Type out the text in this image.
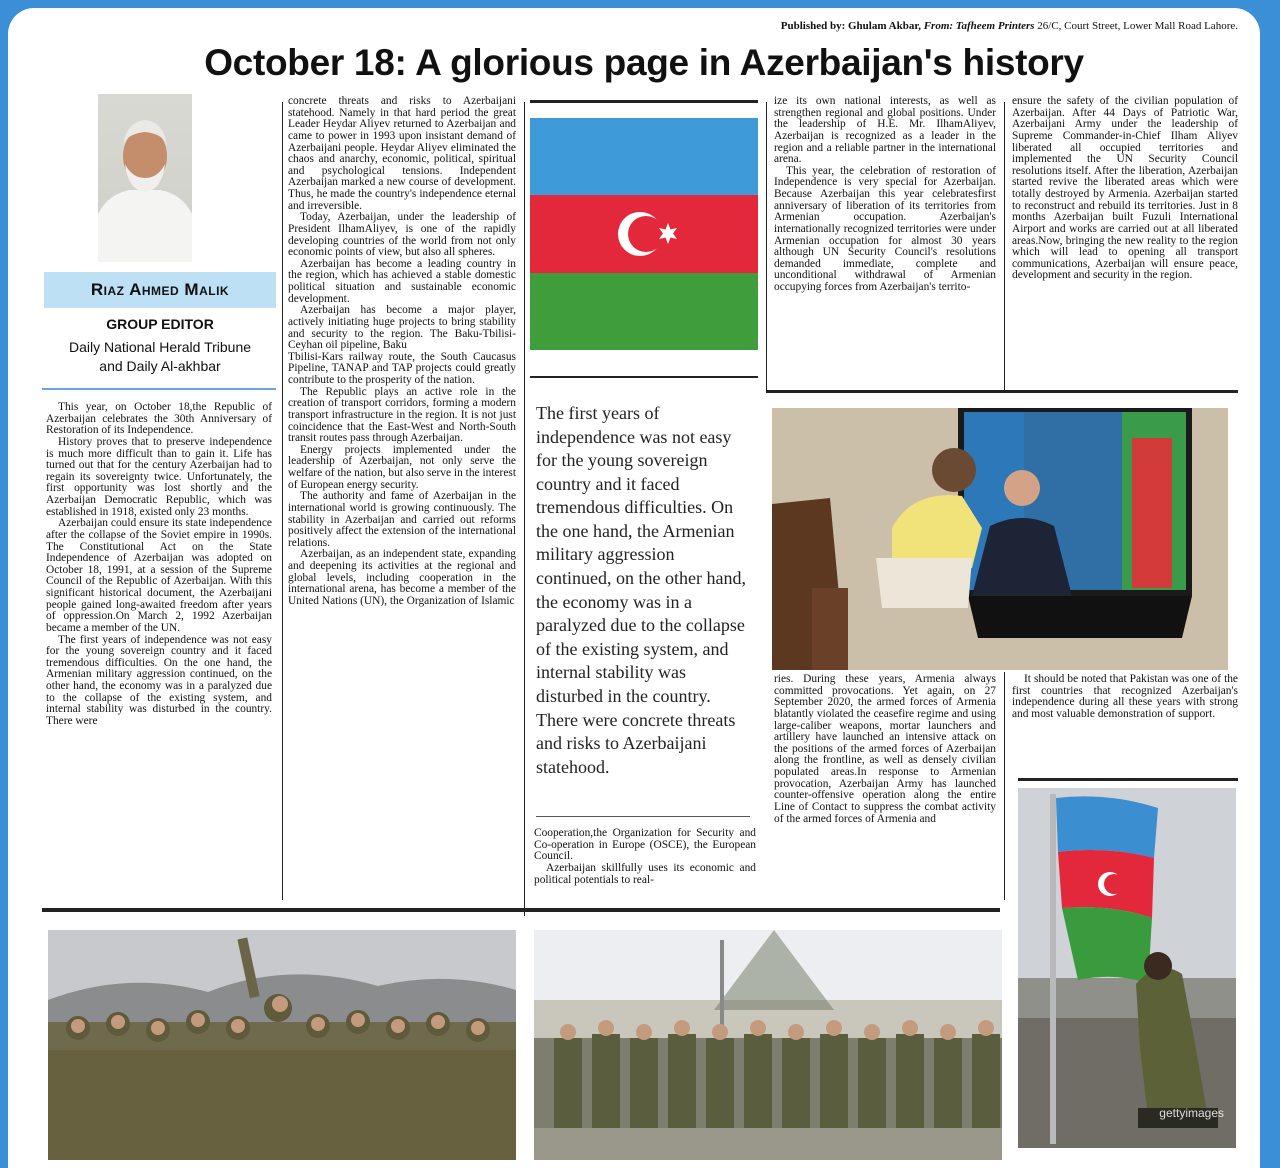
Published by: Ghulam Akbar, From: Tafheem Printers 26/C, Court Street, Lower Mall Road Lahore.
October 18: A glorious page in Azerbaijan's history
Riaz Ahmed Malik
GROUP EDITOR
Daily National Herald Tribune
and Daily Al-akhbar

This year, on October 18,the Republic of Azerbaijan celebrates the 30th Anniversary of Restoration of its Independence.

History proves that to preserve independence is much more difficult than to gain it. Life has turned out that for the century Azerbaijan had to regain its sovereignty twice. Unfortunately, the first opportunity was lost shortly and the Azerbaijan Democratic Republic, which was established in 1918, existed only 23 months.

Azerbaijan could ensure its state independence after the collapse of the Soviet empire in 1990s. The Constitutional Act on the State Independence of Azerbaijan was adopted on October 18, 1991, at a session of the Supreme Council of the Republic of Azerbaijan. With this significant historical document, the Azerbaijani people gained long-awaited freedom after years of oppression.On March 2, 1992 Azerbaijan became a member of the UN.

The first years of independence was not easy for the young sovereign country and it faced tremendous difficulties. On the one hand, the Armenian military aggression continued, on the other hand, the economy was in a paralyzed due to the collapse of the existing system, and internal stability was disturbed in the country. There were

concrete threats and risks to Azerbaijani statehood. Namely in that hard period the great Leader Heydar Aliyev returned to Azerbaijan and came to power in 1993 upon insistant demand of Azerbaijani people. Heydar Aliyev eliminated the chaos and anarchy, economic, political, spiritual and psychological tensions. Independent Azerbaijan marked a new course of development. Thus, he made the country's independence eternal and irreversible.

Today, Azerbaijan, under the leadership of President IlhamAliyev, is one of the rapidly developing countries of the world from not only economic points of view, but also all spheres.

Azerbaijan has become a leading country in the region, which has achieved a stable domestic political situation and sustainable economic development.

Azerbaijan has become a major player, actively initiating huge projects to bring stability and security to the region. The Baku-Tbilisi-Ceyhan oil pipeline, Baku

Tbilisi-Kars railway route, the South Caucasus Pipeline, TANAP and TAP projects could greatly contribute to the prosperity of the nation.

The Republic plays an active role in the creation of transport corridors, forming a modern transport infrastructure in the region. It is not just coincidence that the East-West and North-South transit routes pass through Azerbaijan.

Energy projects implemented under the leadership of Azerbaijan, not only serve the welfare of the nation, but also serve in the interest of European energy security.

The authority and fame of Azerbaijan in the international world is growing continuously. The stability in Azerbaijan and carried out reforms positively affect the extension of the international relations.

Azerbaijan, as an independent state, expanding and deepening its activities at the regional and global levels, including cooperation in the international arena, has become a member of the United Nations (UN), the Organization of Islamic

The first years of independence was not easy for the young sovereign country and it faced tremendous difficulties. On the one hand, the Armenian military aggression continued, on the other hand, the economy was in a paralyzed due to the collapse of the existing system, and internal stability was disturbed in the country. There were concrete threats and risks to Azerbaijani statehood.

Cooperation,the Organization for Security and Co-operation in Europe (OSCE), the European Council.

Azerbaijan skillfully uses its economic and political potentials to real-

ize its own national interests, as well as strengthen regional and global positions. Under the leadership of H.E. Mr. IlhamAliyev, Azerbaijan is recognized as a leader in the region and a reliable partner in the international arena.

This year, the celebration of restoration of Independence is very special for Azerbaijan. Because Azerbaijan this year celebratesfirst anniversary of liberation of its territories from Armenian occupation. Azerbaijan's internationally recognized territories were under Armenian occupation for almost 30 years although UN Security Council's resolutions demanded immediate, complete and unconditional withdrawal of Armenian occupying forces from Azerbaijan's territo-

ensure the safety of the civilian population of Azerbaijan. After 44 Days of Patriotic War, Azerbaijani Army under the leadership of Supreme Commander-in-Chief Ilham Aliyev liberated all occupied territories and implemented the UN Security Council resolutions itself. After the liberation, Azerbaijan started revive the liberated areas which were totally destroyed by Armenia. Azerbaijan started to reconstruct and rebuild its territories. Just in 8 months Azerbaijan built Fuzuli International Airport and works are carried out at all liberated areas.Now, bringing the new reality to the region which will lead to opening all transport communications, Azerbaijan will ensure peace, development and security in the region.

ries. During these years, Armenia always committed provocations. Yet again, on 27 September 2020, the armed forces of Armenia blatantly violated the ceasefire regime and using large-caliber weapons, mortar launchers and artillery have launched an intensive attack on the positions of the armed forces of Azerbaijan along the frontline, as well as densely civilian populated areas.In response to Armenian provocation, Azerbaijan Army has launched counter-offensive operation along the entire Line of Contact to suppress the combat activity of the armed forces of Armenia and

It should be noted that Pakistan was one of the first countries that recognized Azerbaijan's independence during all these years with strong and most valuable demonstration of support.

gettyimages
